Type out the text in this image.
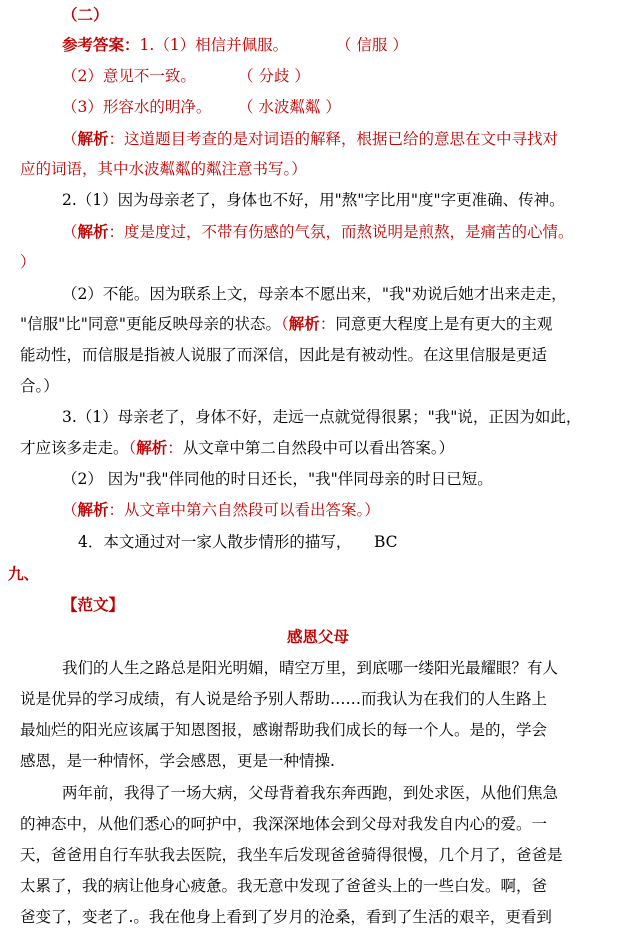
（二）
参考答案：1.（1）相信并佩服。	（ 信服 ）
（2）意见不一致。	（ 分歧 ）
（3）形容水的明净。 （ 水波粼粼 ）
（解析：这道题目考查的是对词语的解释，根据已给的意思在文中寻找对
应的词语，其中水波粼粼的粼注意书写。）
2.（1）因为母亲老了，身体也不好，用"熬"字比用"度"字更准确、传神。
（解析：度是度过，不带有伤感的气氛，而熬说明是煎熬，是痛苦的心情。
）
（2）不能。因为联系上文，母亲本不愿出来，"我"劝说后她才出来走走，
"信服"比"同意"更能反映母亲的状态。（解析：同意更大程度上是有更大的主观
能动性，而信服是指被人说服了而深信，因此是有被动性。在这里信服是更适
合。）
3.（1）母亲老了，身体不好，走远一点就觉得很累；"我"说，正因为如此，
才应该多走走。（解析：从文章中第二自然段中可以看出答案。）
（2） 因为"我"伴同他的时日还长，"我"伴同母亲的时日已短。
（解析：从文章中第六自然段可以看出答案。）
4．本文通过对一家人散步情形的描写， BC
九、
【范文】
感恩父母
我们的人生之路总是阳光明媚，晴空万里，到底哪一缕阳光最耀眼？有人
说是优异的学习成绩，有人说是给予别人帮助……而我认为在我们的人生路上
最灿烂的阳光应该属于知恩图报，感谢帮助我们成长的每一个人。是的，学会
感恩，是一种情怀，学会感恩，更是一种情操.
两年前，我得了一场大病，父母背着我东奔西跑，到处求医，从他们焦急
的神态中，从他们悉心的呵护中，我深深地体会到父母对我发自内心的爱。一
天，爸爸用自行车驮我去医院，我坐车后发现爸爸骑得很慢，几个月了，爸爸是
太累了，我的病让他身心疲惫。我无意中发现了爸爸头上的一些白发。啊，爸
爸变了，变老了.。我在他身上看到了岁月的沧桑，看到了生活的艰辛，更看到
